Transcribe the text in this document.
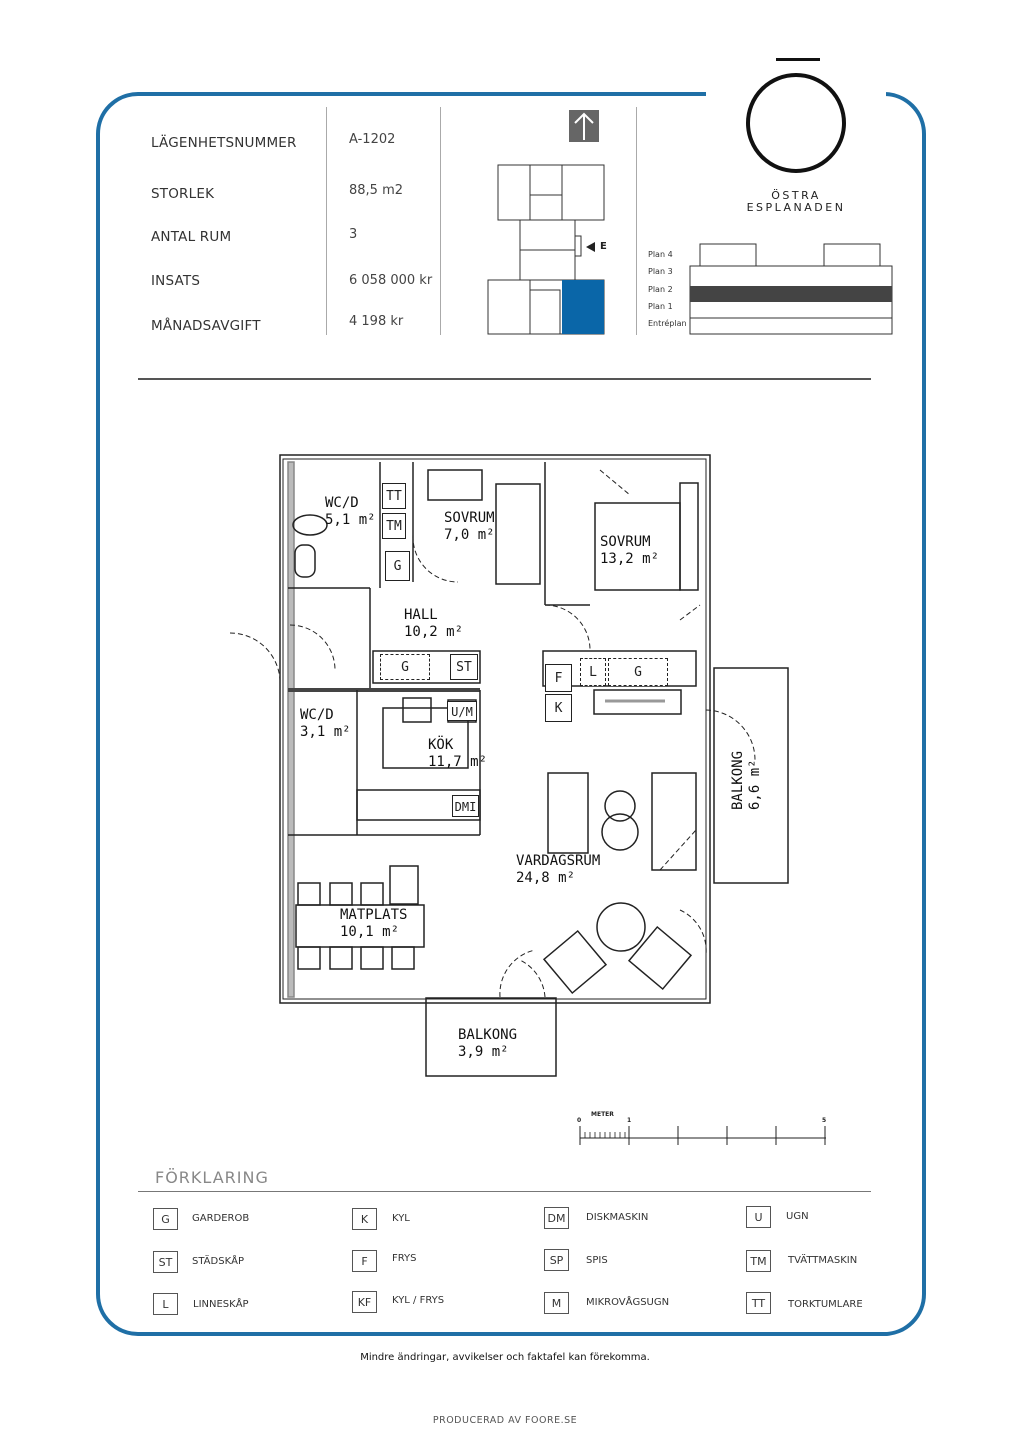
ÖSTRA
ESPLANADEN
LÄGENHETSNUMMER	A-1202
STORLEK	88,5 m2
ANTAL RUM	3
INSATS	6 058 000 kr
MÅNADSAVGIFT	4 198 kr
E
Plan 4
Plan 3
Plan 2
Plan 1
Entréplan
WC/D
5,1 m²	SOVRUM
7,0 m²	SOVRUM
13,2 m²
HALL
10,2 m²
WC/D
3,1 m²
KÖK
11,7 m²	BALKONG 6,6 m²
VARDAGSRUM
24,8 m²
MATPLATS
10,1 m²
BALKONG
3,9 m²
TT
TM
G
G	ST
U/M
DMI
F
K
L	G
METER
0	1	5
FÖRKLARING
G	GARDEROB	K	KYL	DM	DISKMASKIN	U	UGN
ST	STÄDSKÅP	F	FRYS	SP	SPIS	TM	TVÄTTMASKIN
L	LINNESKÅP	KF	KYL / FRYS	M	MIKROVÅGSUGN	TT	TORKTUMLARE
Mindre ändringar, avvikelser och faktafel kan förekomma.
PRODUCERAD AV FOORE.SE
